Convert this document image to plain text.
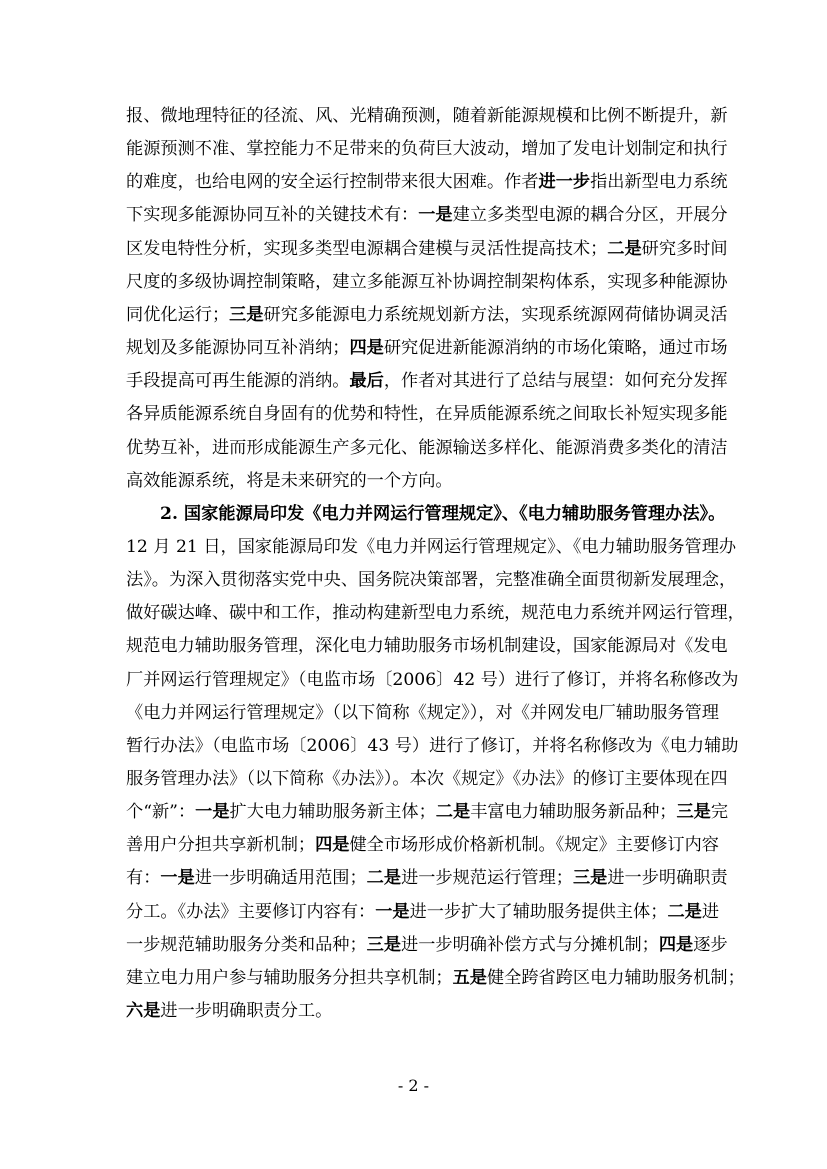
报、微地理特征的径流、风、光精确预测，随着新能源规模和比例不断提升，新
能源预测不准、掌控能力不足带来的负荷巨大波动，增加了发电计划制定和执行
的难度，也给电网的安全运行控制带来很大困难。作者进一步指出新型电力系统
下实现多能源协同互补的关键技术有：一是建立多类型电源的耦合分区，开展分
区发电特性分析，实现多类型电源耦合建模与灵活性提高技术；二是研究多时间
尺度的多级协调控制策略，建立多能源互补协调控制架构体系，实现多种能源协
同优化运行；三是研究多能源电力系统规划新方法，实现系统源网荷储协调灵活
规划及多能源协同互补消纳；四是研究促进新能源消纳的市场化策略，通过市场
手段提高可再生能源的消纳。最后，作者对其进行了总结与展望：如何充分发挥
各异质能源系统自身固有的优势和特性，在异质能源系统之间取长补短实现多能
优势互补，进而形成能源生产多元化、能源输送多样化、能源消费多类化的清洁
高效能源系统，将是未来研究的一个方向。
2. 国家能源局印发《电力并网运行管理规定》、《电力辅助服务管理办法》。
12 月 21 日，国家能源局印发《电力并网运行管理规定》、《电力辅助服务管理办
法》。为深入贯彻落实党中央、国务院决策部署，完整准确全面贯彻新发展理念，
做好碳达峰、碳中和工作，推动构建新型电力系统，规范电力系统并网运行管理，
规范电力辅助服务管理，深化电力辅助服务市场机制建设，国家能源局对《发电
厂并网运行管理规定》（电监市场〔2006〕42 号）进行了修订，并将名称修改为
《电力并网运行管理规定》（以下简称《规定》），对《并网发电厂辅助服务管理
暂行办法》（电监市场〔2006〕43 号）进行了修订，并将名称修改为《电力辅助
服务管理办法》（以下简称《办法》）。本次《规定》《办法》的修订主要体现在四
个“新”：一是扩大电力辅助服务新主体；二是丰富电力辅助服务新品种；三是完
善用户分担共享新机制；四是健全市场形成价格新机制。《规定》主要修订内容
有：一是进一步明确适用范围；二是进一步规范运行管理；三是进一步明确职责
分工。《办法》主要修订内容有：一是进一步扩大了辅助服务提供主体；二是进
一步规范辅助服务分类和品种；三是进一步明确补偿方式与分摊机制；四是逐步
建立电力用户参与辅助服务分担共享机制；五是健全跨省跨区电力辅助服务机制；
六是进一步明确职责分工。
- 2 -
